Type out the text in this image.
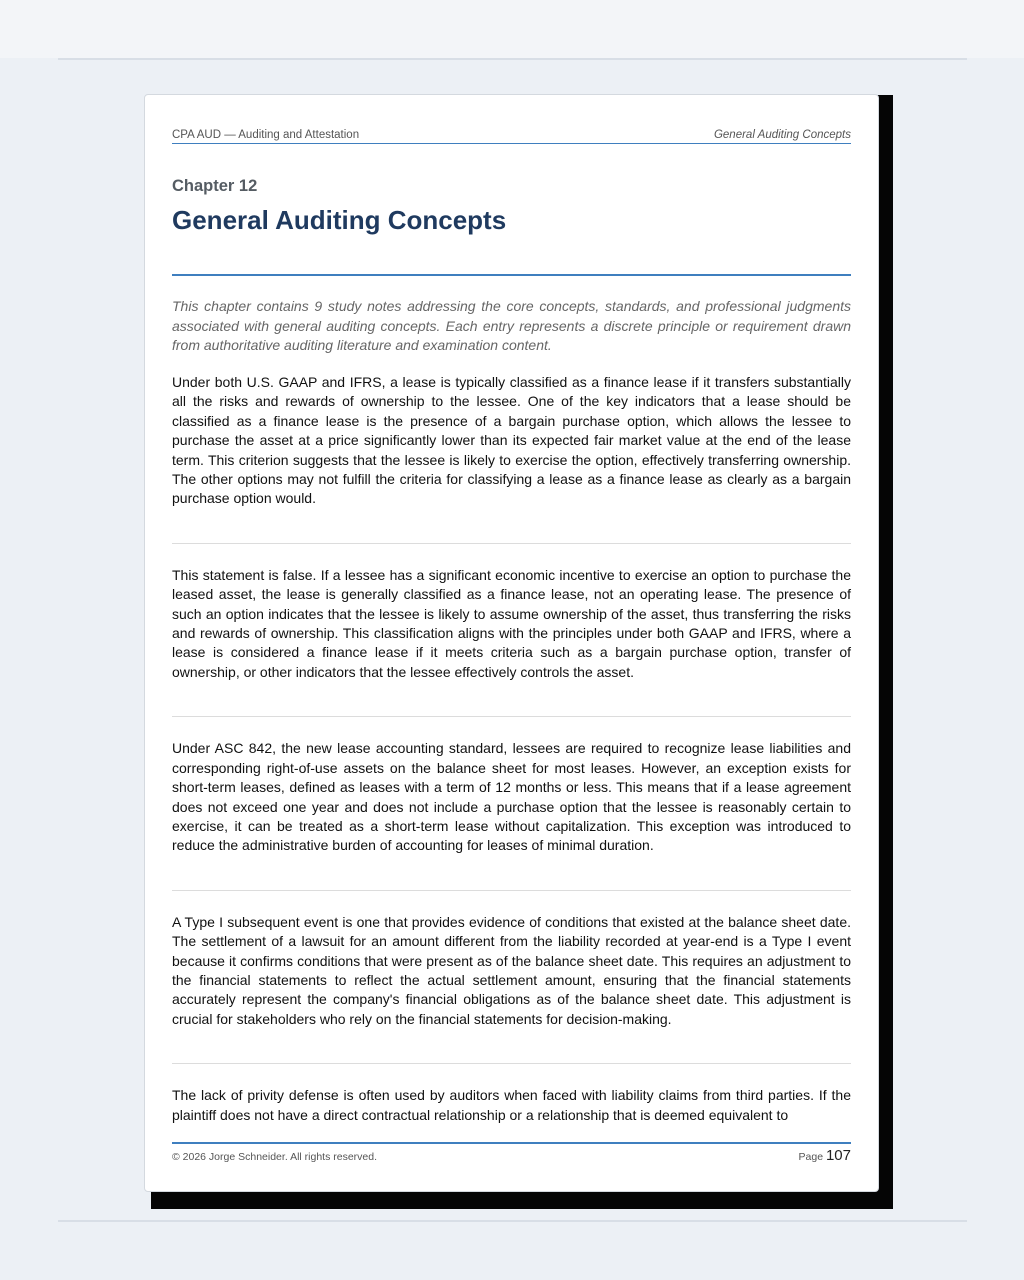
CPA AUD — Auditing and Attestation	General Auditing Concepts
Chapter 12
General Auditing Concepts

This chapter contains 9 study notes addressing the core concepts, standards, and professional judgments associated with general auditing concepts. Each entry represents a discrete principle or requirement drawn from authoritative auditing literature and examination content.

Under both U.S. GAAP and IFRS, a lease is typically classified as a finance lease if it transfers substantially all the risks and rewards of ownership to the lessee. One of the key indicators that a lease should be classified as a finance lease is the presence of a bargain purchase option, which allows the lessee to purchase the asset at a price significantly lower than its expected fair market value at the end of the lease term. This criterion suggests that the lessee is likely to exercise the option, effectively transferring ownership. The other options may not fulfill the criteria for classifying a lease as a finance lease as clearly as a bargain purchase option would.

This statement is false. If a lessee has a significant economic incentive to exercise an option to purchase the leased asset, the lease is generally classified as a finance lease, not an operating lease. The presence of such an option indicates that the lessee is likely to assume ownership of the asset, thus transferring the risks and rewards of ownership. This classification aligns with the principles under both GAAP and IFRS, where a lease is considered a finance lease if it meets criteria such as a bargain purchase option, transfer of ownership, or other indicators that the lessee effectively controls the asset.

Under ASC 842, the new lease accounting standard, lessees are required to recognize lease liabilities and corresponding right-of-use assets on the balance sheet for most leases. However, an exception exists for short-term leases, defined as leases with a term of 12 months or less. This means that if a lease agreement does not exceed one year and does not include a purchase option that the lessee is reasonably certain to exercise, it can be treated as a short-term lease without capitalization. This exception was introduced to reduce the administrative burden of accounting for leases of minimal duration.

A Type I subsequent event is one that provides evidence of conditions that existed at the balance sheet date. The settlement of a lawsuit for an amount different from the liability recorded at year-end is a Type I event because it confirms conditions that were present as of the balance sheet date. This requires an adjustment to the financial statements to reflect the actual settlement amount, ensuring that the financial statements accurately represent the company's financial obligations as of the balance sheet date. This adjustment is crucial for stakeholders who rely on the financial statements for decision-making.

The lack of privity defense is often used by auditors when faced with liability claims from third parties. If the plaintiff does not have a direct contractual relationship or a relationship that is deemed equivalent to

© 2026 Jorge Schneider. All rights reserved.	Page 107
